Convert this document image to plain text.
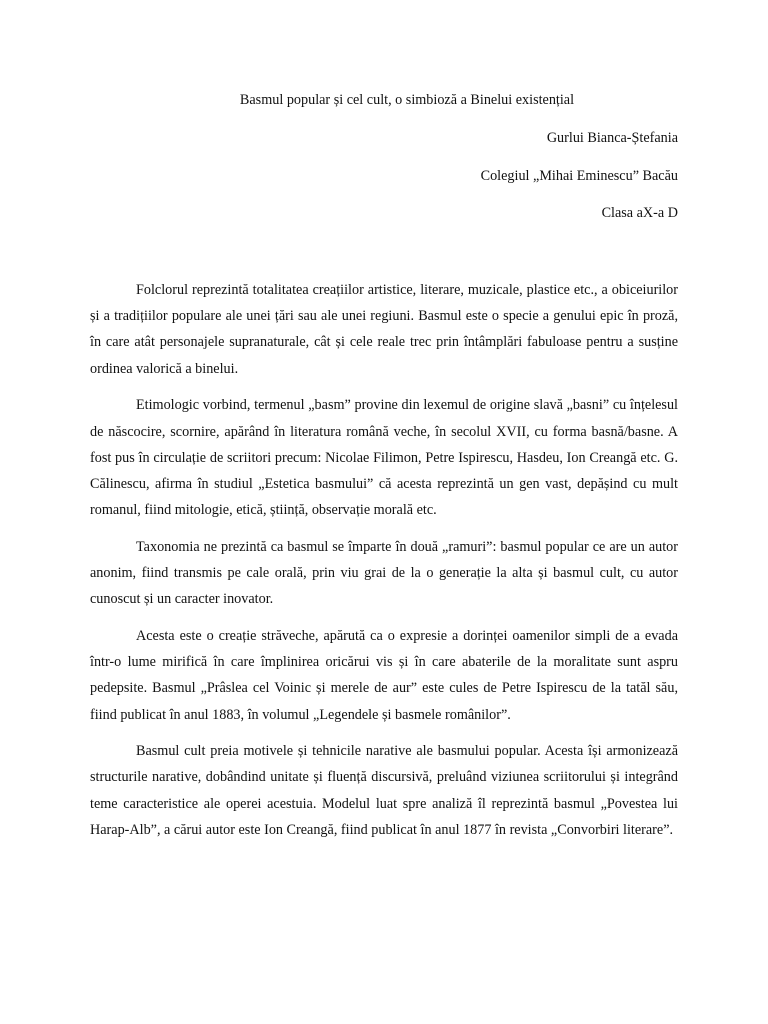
Basmul popular și cel cult, o simbioză a Binelui existențial

Gurlui Bianca-Ștefania

Colegiul „Mihai Eminescu” Bacău

Clasa aX-a D

Folclorul reprezintă totalitatea creațiilor artistice, literare, muzicale, plastice etc., a obiceiurilor și a tradițiilor populare ale unei țări sau ale unei regiuni. Basmul este o specie a genului epic în proză, în care atât personajele supranaturale, cât și cele reale trec prin întâmplări fabuloase pentru a susține ordinea valorică a binelui.

Etimologic vorbind, termenul „basm” provine din lexemul de origine slavă „basni” cu înțelesul de născocire, scornire, apărând în literatura română veche, în secolul XVII, cu forma basnă/basne. A fost pus în circulație de scriitori precum: Nicolae Filimon, Petre Ispirescu, Hasdeu, Ion Creangă etc. G. Călinescu, afirma în studiul „Estetica basmului” că acesta reprezintă un gen vast, depășind cu mult romanul, fiind mitologie, etică, știință, observație morală etc.

Taxonomia ne prezintă ca basmul se împarte în două „ramuri”: basmul popular ce are un autor anonim, fiind transmis pe cale orală, prin viu grai de la o generație la alta și basmul cult, cu autor cunoscut și un caracter inovator.

Acesta este o creație străveche, apărută ca o expresie a dorinței oamenilor simpli de a evada într-o lume mirifică în care împlinirea oricărui vis și în care abaterile de la moralitate sunt aspru pedepsite. Basmul „Prâslea cel Voinic și merele de aur” este cules de Petre Ispirescu de la tatăl său, fiind publicat în anul 1883, în volumul „Legendele și basmele românilor”.

Basmul cult preia motivele și tehnicile narative ale basmului popular. Acesta își armonizează structurile narative, dobândind unitate și fluență discursivă, preluând viziunea scriitorului și integrând teme caracteristice ale operei acestuia. Modelul luat spre analiză îl reprezintă basmul „Povestea lui Harap-Alb”, a cărui autor este Ion Creangă, fiind publicat în anul 1877 în revista „Convorbiri literare”.
